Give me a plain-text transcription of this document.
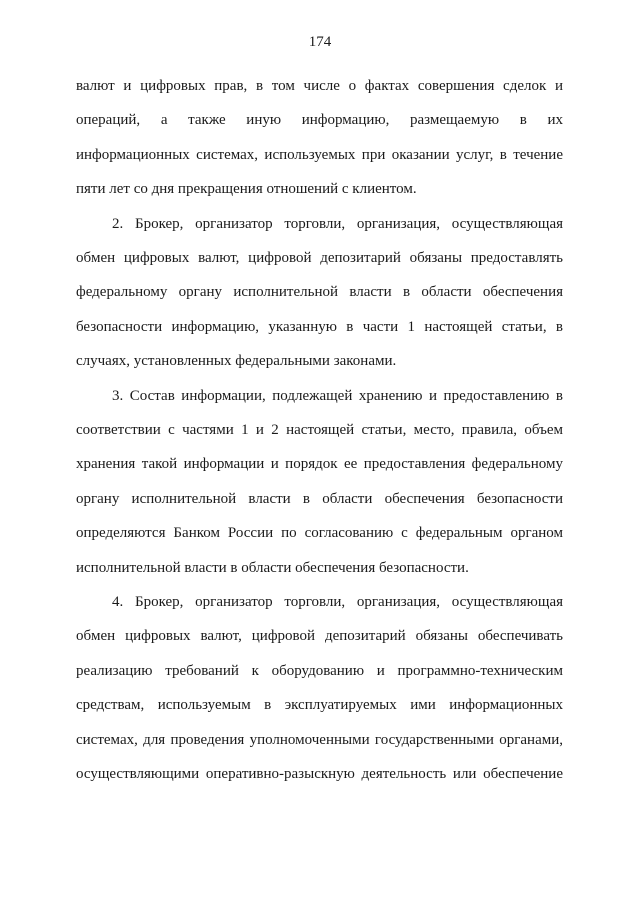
174
валют и цифровых прав, в том числе о фактах совершения сделок и
операций, а также иную информацию, размещаемую в их
информационных системах, используемых при оказании услуг, в течение
пяти лет со дня прекращения отношений с клиентом.
2. Брокер, организатор торговли, организация, осуществляющая
обмен цифровых валют, цифровой депозитарий обязаны предоставлять
федеральному органу исполнительной власти в области обеспечения
безопасности информацию, указанную в части 1 настоящей статьи, в
случаях, установленных федеральными законами.
3. Состав информации, подлежащей хранению и предоставлению в
соответствии с частями 1 и 2 настоящей статьи, место, правила, объем
хранения такой информации и порядок ее предоставления федеральному
органу исполнительной власти в области обеспечения безопасности
определяются Банком России по согласованию с федеральным органом
исполнительной власти в области обеспечения безопасности.
4. Брокер, организатор торговли, организация, осуществляющая
обмен цифровых валют, цифровой депозитарий обязаны обеспечивать
реализацию требований к оборудованию и программно-техническим
средствам, используемым в эксплуатируемых ими информационных
системах, для проведения уполномоченными государственными органами,
осуществляющими оперативно-разыскную деятельность или обеспечение
